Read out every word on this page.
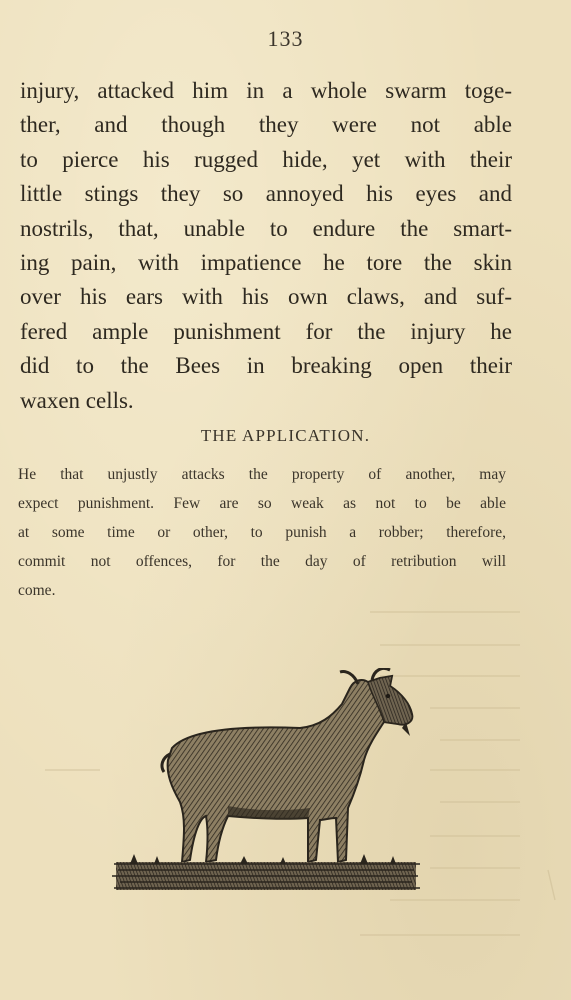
133
injury, attacked him in a whole swarm toge-
ther, and though they were not able
to pierce his rugged hide, yet with their
little stings they so annoyed his eyes and
nostrils, that, unable to endure the smart-
ing pain, with impatience he tore the skin
over his ears with his own claws, and suf-
fered ample punishment for the injury he
did to the Bees in breaking open their
waxen cells.
THE APPLICATION.
He that unjustly attacks the property of another, may
expect punishment. Few are so weak as not to be able
at some time or other, to punish a robber; therefore,
commit not offences, for the day of retribution will
come.
